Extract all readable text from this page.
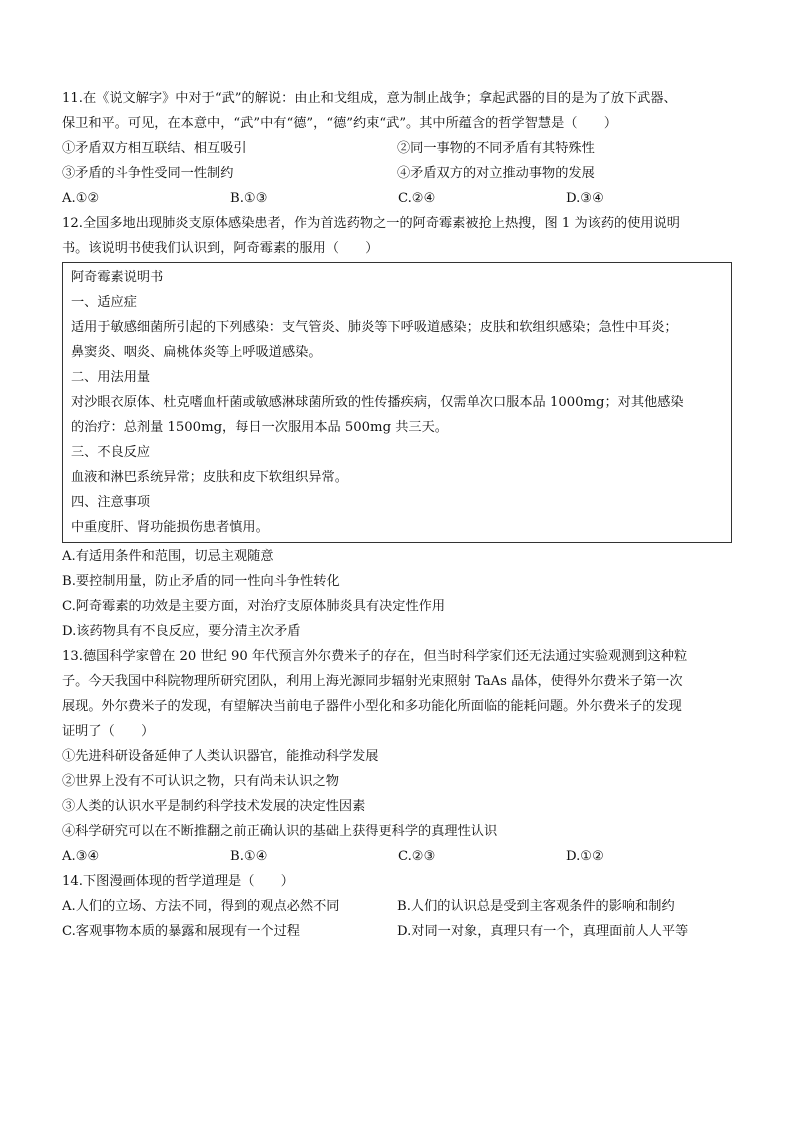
11.在《说文解字》中对于“武”的解说：由止和戈组成，意为制止战争；拿起武器的目的是为了放下武器、
保卫和平。可见，在本意中，“武”中有“德”，“德”约束“武”。其中所蕴含的哲学智慧是（　　）
①矛盾双方相互联结、相互吸引	②同一事物的不同矛盾有其特殊性
③矛盾的斗争性受同一性制约	④矛盾双方的对立推动事物的发展
A.①②	B.①③	C.②④	D.③④
12.全国多地出现肺炎支原体感染患者，作为首选药物之一的阿奇霉素被抢上热搜，图 1 为该药的使用说明
书。该说明书使我们认识到，阿奇霉素的服用（　　）
阿奇霉素说明书
一、适应症
适用于敏感细菌所引起的下列感染：支气管炎、肺炎等下呼吸道感染；皮肤和软组织感染；急性中耳炎；
鼻窦炎、咽炎、扁桃体炎等上呼吸道感染。
二、用法用量
对沙眼衣原体、杜克嗜血杆菌或敏感淋球菌所致的性传播疾病，仅需单次口服本品 1000mg；对其他感染
的治疗：总剂量 1500mg，每日一次服用本品 500mg 共三天。
三、不良反应
血液和淋巴系统异常；皮肤和皮下软组织异常。
四、注意事项
中重度肝、肾功能损伤患者慎用。
A.有适用条件和范围，切忌主观随意
B.要控制用量，防止矛盾的同一性向斗争性转化
C.阿奇霉素的功效是主要方面，对治疗支原体肺炎具有决定性作用
D.该药物具有不良反应，要分清主次矛盾
13.德国科学家曾在 20 世纪 90 年代预言外尔费米子的存在，但当时科学家们还无法通过实验观测到这种粒
子。今天我国中科院物理所研究团队，利用上海光源同步辐射光束照射 TaAs 晶体，使得外尔费米子第一次
展现。外尔费米子的发现，有望解决当前电子器件小型化和多功能化所面临的能耗问题。外尔费米子的发现
证明了（　　）
①先进科研设备延伸了人类认识器官，能推动科学发展
②世界上没有不可认识之物，只有尚未认识之物
③人类的认识水平是制约科学技术发展的决定性因素
④科学研究可以在不断推翻之前正确认识的基础上获得更科学的真理性认识
A.③④	B.①④	C.②③	D.①②
14.下图漫画体现的哲学道理是（　　）
A.人们的立场、方法不同，得到的观点必然不同	B.人们的认识总是受到主客观条件的影响和制约
C.客观事物本质的暴露和展现有一个过程	D.对同一对象，真理只有一个，真理面前人人平等
